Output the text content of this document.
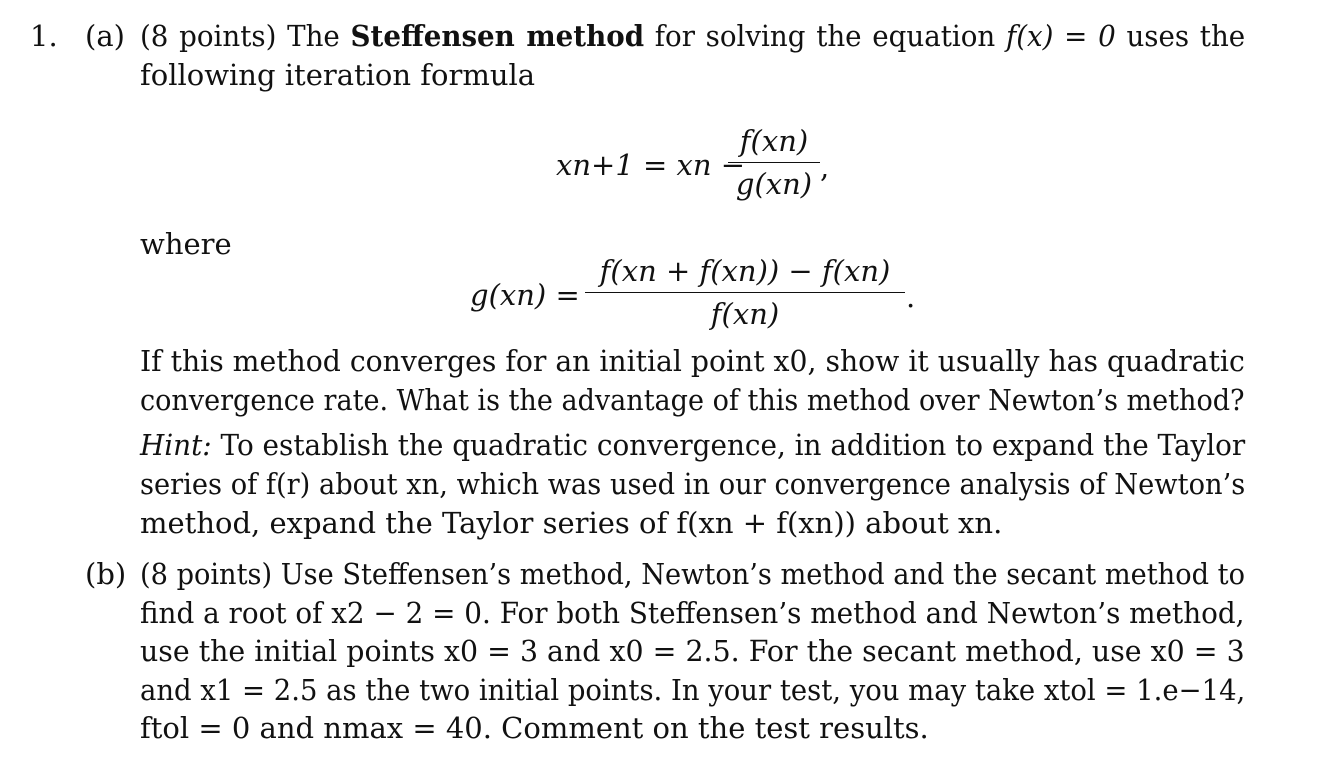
1. (a) (8 points) The Steffensen method for solving the equation f(x) = 0 uses the
following iteration formula
xn+1 = xn −
f(xn)
g(xn) ,
where
g(xn) =
f(xn + f(xn)) − f(xn)
f(xn)	.
If this method converges for an initial point x0, show it usually has quadratic
convergence rate. What is the advantage of this method over Newton’s method?
Hint: To establish the quadratic convergence, in addition to expand the Taylor
series of f(r) about xn, which was used in our convergence analysis of Newton’s
method, expand the Taylor series of f(xn + f(xn)) about xn.
(b) (8 points) Use Steffensen’s method, Newton’s method and the secant method to
find a root of x2 − 2 = 0. For both Steffensen’s method and Newton’s method,
use the initial points x0 = 3 and x0 = 2.5. For the secant method, use x0 = 3
and x1 = 2.5 as the two initial points. In your test, you may take xtol = 1.e−14,
ftol = 0 and nmax = 40. Comment on the test results.
